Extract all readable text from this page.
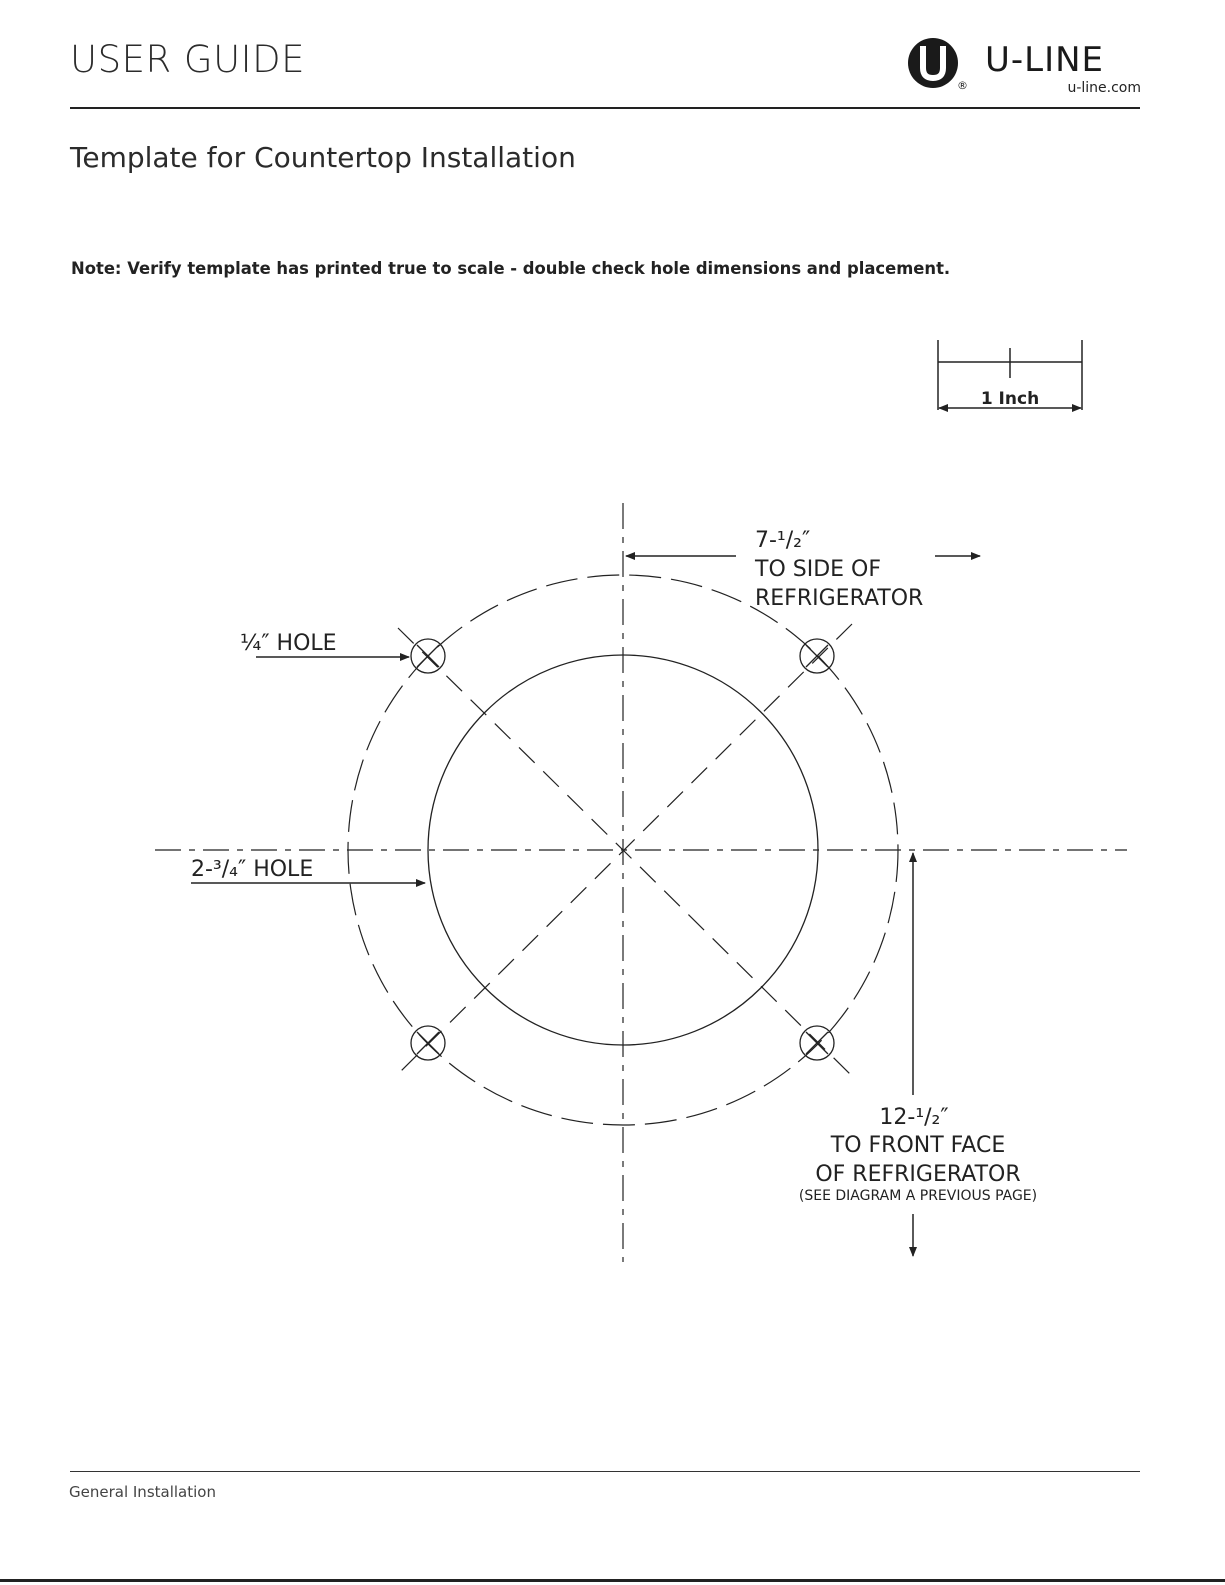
USER GUIDE
®
U-LINE
u-line.com
Template for Countertop Installation
Note: Verify template has printed true to scale - double check hole dimensions and placement.
1 Inch
¼″ HOLE
2-³/₄″ HOLE
7-¹/₂″
TO SIDE OF
REFRIGERATOR
12-¹/₂″
TO FRONT FACE
OF REFRIGERATOR
(SEE DIAGRAM A PREVIOUS PAGE)
General Installation
